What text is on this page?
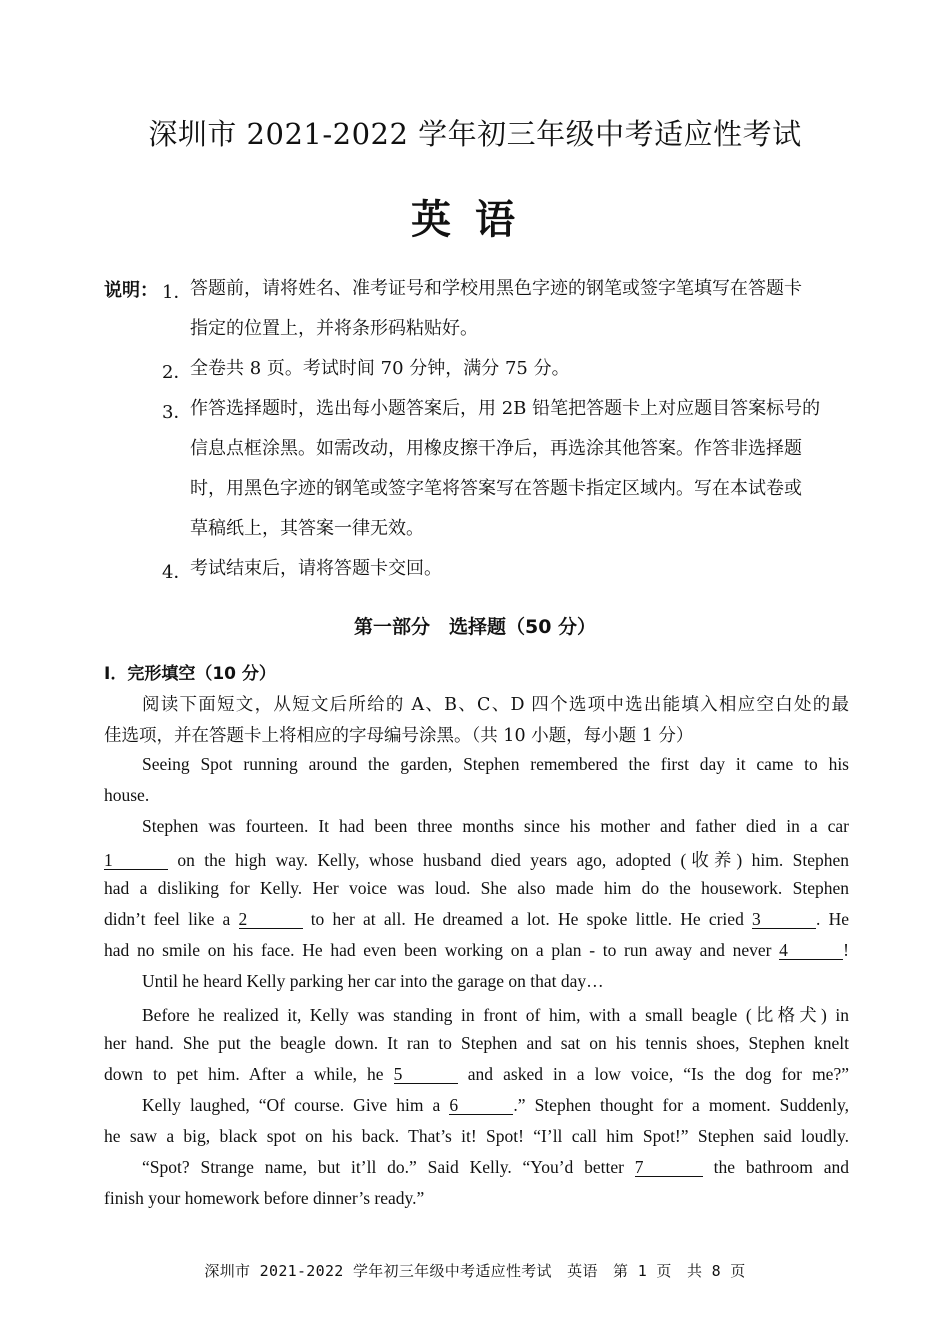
深圳市 2021-2022 学年初三年级中考适应性考试
英语
说明： 1．
答题前，请将姓名、准考证号和学校用黑色字迹的钢笔或签字笔填写在答题卡
指定的位置上，并将条形码粘贴好。
2．
全卷共 8 页。考试时间 70 分钟，满分 75 分。
3．
作答选择题时，选出每小题答案后，用 2B 铅笔把答题卡上对应题目答案标号的
信息点框涂黑。如需改动，用橡皮擦干净后，再选涂其他答案。作答非选择题
时，用黑色字迹的钢笔或签字笔将答案写在答题卡指定区域内。写在本试卷或
草稿纸上，其答案一律无效。
4．
考试结束后，请将答题卡交回。
第一部分　选择题（50 分）
I．完形填空（10 分）
阅读下面短文，从短文后所给的 A、B、C、D 四个选项中选出能填入相应空白处的最
佳选项，并在答题卡上将相应的字母编号涂黑。（共 10 小题，每小题 1 分）
Seeing Spot running around the garden, Stephen remembered the first day it came to his
house.
Stephen was fourteen. It had been three months since his mother and father died in a car
1	on the high way. Kelly, whose husband died years ago, adopted (收养) him. Stephen
had a disliking for Kelly. Her voice was loud. She also made him do the housework. Stephen
didn’t feel like a 2	to her at all. He dreamed a lot. He spoke little. He cried 3	. He
had no smile on his face. He had even been working on a plan - to run away and never 4	!
Until he heard Kelly parking her car into the garage on that day…
Before he realized it, Kelly was standing in front of him, with a small beagle (比格犬) in
her hand. She put the beagle down. It ran to Stephen and sat on his tennis shoes, Stephen knelt
down to pet him. After a while, he 5	and asked in a low voice, “Is the dog for me?”
Kelly laughed, “Of course. Give him a 6	.” Stephen thought for a moment. Suddenly,
he saw a big, black spot on his back. That’s it! Spot! “I’ll call him Spot!” Stephen said loudly.
“Spot? Strange name, but it’ll do.” Said Kelly. “You’d better 7	the bathroom and
finish your homework before dinner’s ready.”
深圳市 2021-2022 学年初三年级中考适应性考试　英语　第 1 页　共 8 页
